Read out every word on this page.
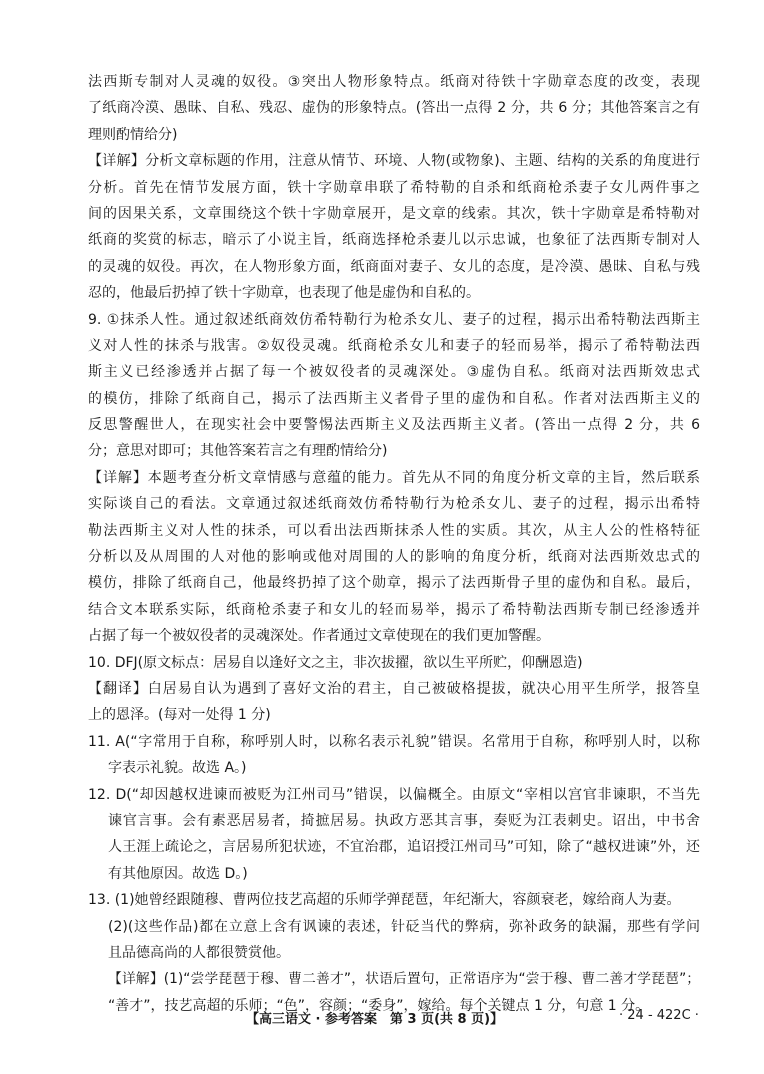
法西斯专制对人灵魂的奴役。③突出人物形象特点。纸商对待铁十字勋章态度的改变，表现
了纸商冷漠、愚昧、自私、残忍、虚伪的形象特点。(答出一点得 2 分，共 6 分；其他答案言之有
理则酌情给分)
【详解】分析文章标题的作用，注意从情节、环境、人物(或物象)、主题、结构的关系的角度进行
分析。首先在情节发展方面，铁十字勋章串联了希特勒的自杀和纸商枪杀妻子女儿两件事之
间的因果关系，文章围绕这个铁十字勋章展开，是文章的线索。其次，铁十字勋章是希特勒对
纸商的奖赏的标志，暗示了小说主旨，纸商选择枪杀妻儿以示忠诚，也象征了法西斯专制对人
的灵魂的奴役。再次，在人物形象方面，纸商面对妻子、女儿的态度，是冷漠、愚昧、自私与残
忍的，他最后扔掉了铁十字勋章，也表现了他是虚伪和自私的。
9. ①抹杀人性。通过叙述纸商效仿希特勒行为枪杀女儿、妻子的过程，揭示出希特勒法西斯主
义对人性的抹杀与戕害。②奴役灵魂。纸商枪杀女儿和妻子的轻而易举，揭示了希特勒法西
斯主义已经渗透并占据了每一个被奴役者的灵魂深处。③虚伪自私。纸商对法西斯效忠式
的模仿，排除了纸商自己，揭示了法西斯主义者骨子里的虚伪和自私。作者对法西斯主义的
反思警醒世人，在现实社会中要警惕法西斯主义及法西斯主义者。(答出一点得 2 分，共 6
分；意思对即可；其他答案若言之有理酌情给分)
【详解】本题考查分析文章情感与意蕴的能力。首先从不同的角度分析文章的主旨，然后联系
实际谈自己的看法。文章通过叙述纸商效仿希特勒行为枪杀女儿、妻子的过程，揭示出希特
勒法西斯主义对人性的抹杀，可以看出法西斯抹杀人性的实质。其次，从主人公的性格特征
分析以及从周围的人对他的影响或他对周围的人的影响的角度分析，纸商对法西斯效忠式的
模仿，排除了纸商自己，他最终扔掉了这个勋章，揭示了法西斯骨子里的虚伪和自私。最后，
结合文本联系实际，纸商枪杀妻子和女儿的轻而易举，揭示了希特勒法西斯专制已经渗透并
占据了每一个被奴役者的灵魂深处。作者通过文章使现在的我们更加警醒。
10. DFJ(原文标点：居易自以逢好文之主，非次拔擢，欲以生平所贮，仰酬恩造)
【翻译】白居易自认为遇到了喜好文治的君主，自己被破格提拔，就决心用平生所学，报答皇
上的恩泽。(每对一处得 1 分)
11. A(“字常用于自称，称呼别人时，以称名表示礼貌”错误。名常用于自称，称呼别人时，以称
字表示礼貌。故选 A。)
12. D(“却因越权进谏而被贬为江州司马”错误，以偏概全。由原文“宰相以宫官非谏职，不当先
谏官言事。会有素恶居易者，掎摭居易。执政方恶其言事，奏贬为江表刺史。诏出，中书舍
人王涯上疏论之，言居易所犯状迹，不宜治郡，追诏授江州司马”可知，除了“越权进谏”外，还
有其他原因。故选 D。)
13. (1)她曾经跟随穆、曹两位技艺高超的乐师学弹琵琶，年纪渐大，容颜衰老，嫁给商人为妻。
(2)(这些作品)都在立意上含有讽谏的表述，针砭当代的弊病，弥补政务的缺漏，那些有学问
且品德高尚的人都很赞赏他。
【详解】(1)“尝学琵琶于穆、曹二善才”，状语后置句，正常语序为“尝于穆、曹二善才学琵琶”；
“善才”，技艺高超的乐师；“色”，容颜；“委身”，嫁给。每个关键点 1 分，句意 1 分。
【高三语文 · 参考答案　第 3 页(共 8 页)】	· 24 - 422C ·
